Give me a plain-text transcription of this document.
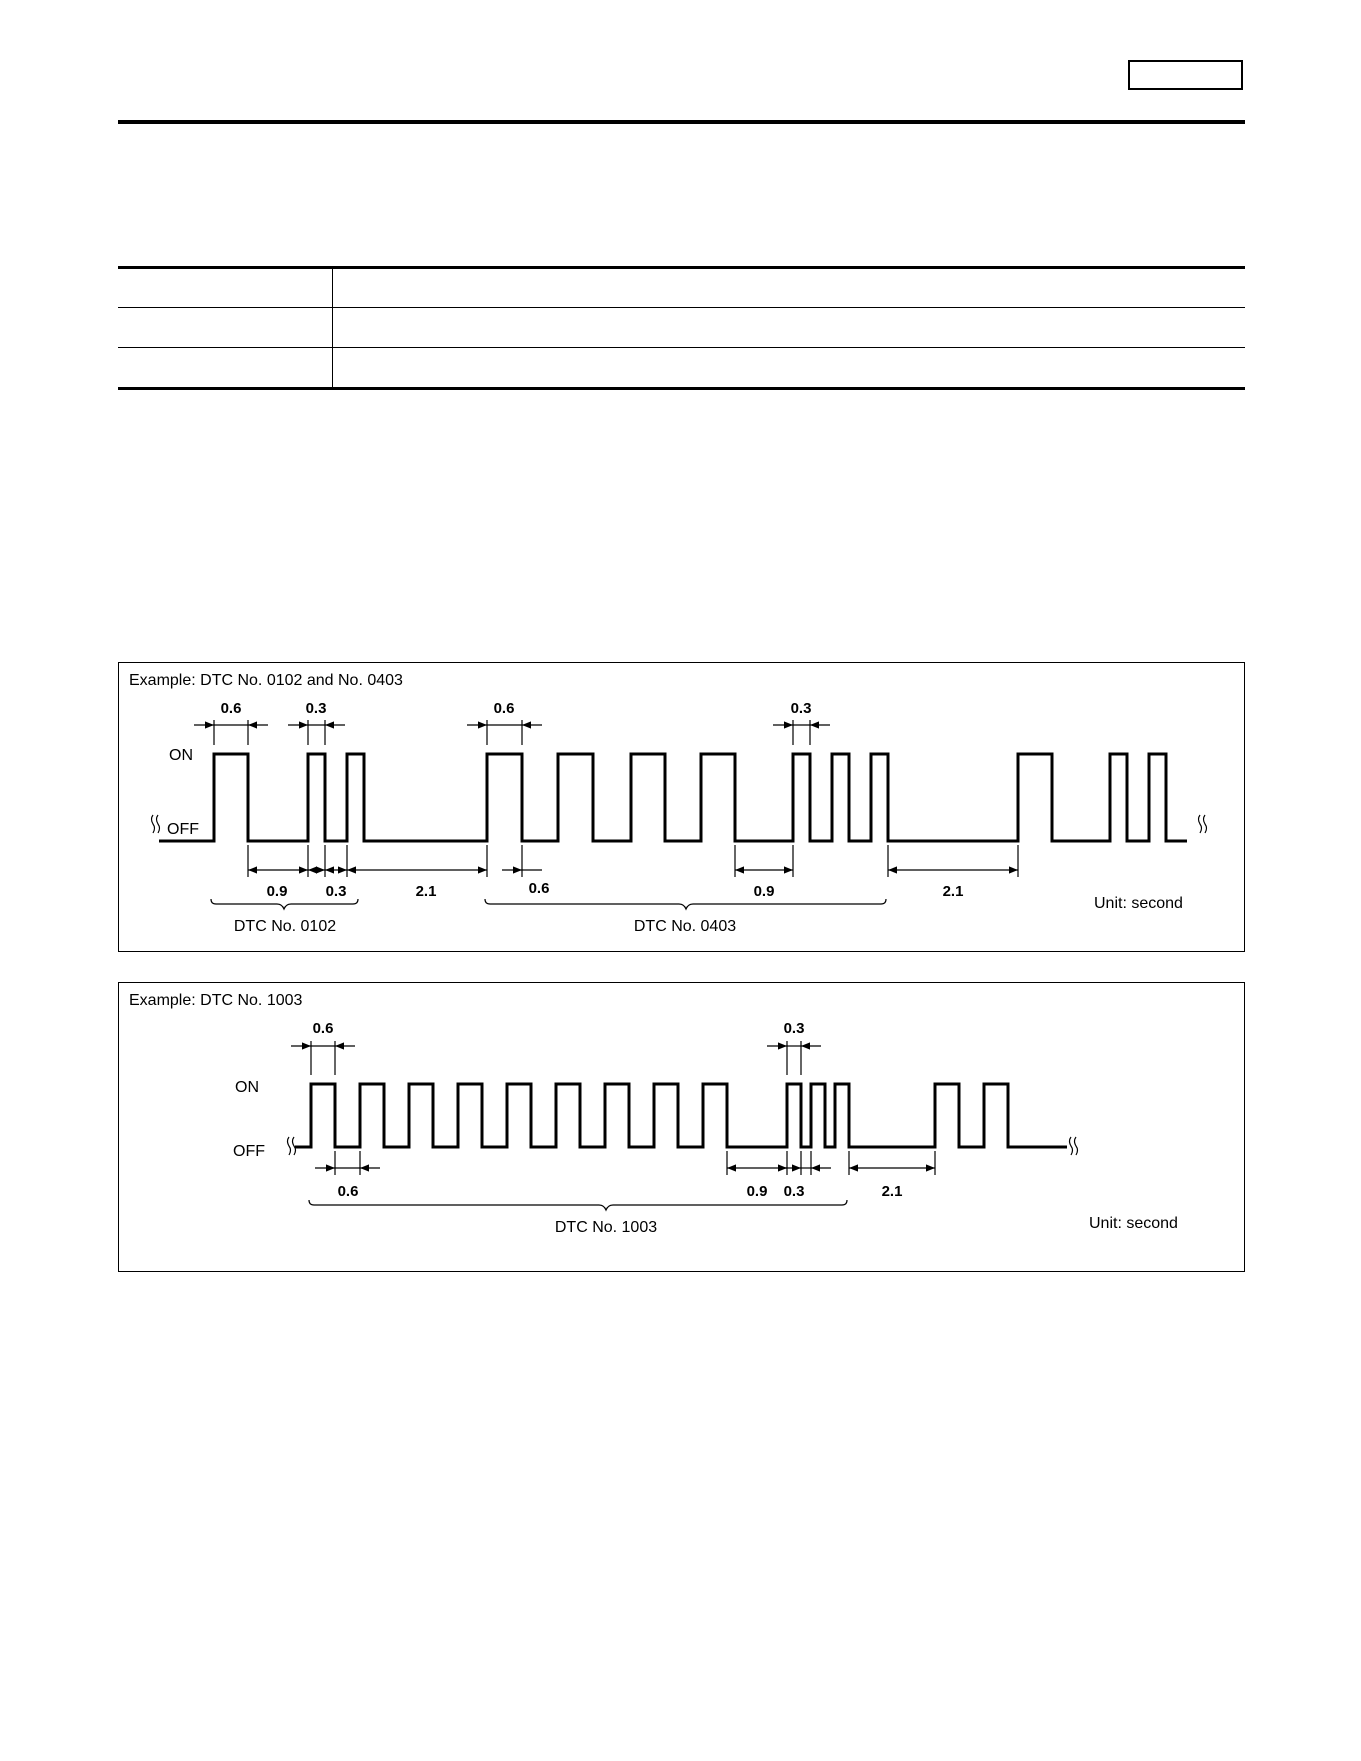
Example: DTC No. 0102 and No. 0403
ON
OFF
Unit: second
0.6	0.3	0.6	0.3
0.9	0.3	2.1	0.6	0.9	2.1
DTC No. 0102	DTC No. 0403
Example: DTC No. 1003
ON
OFF
Unit: second
0.6	0.3
0.6	0.9 0.3	2.1
DTC No. 1003
